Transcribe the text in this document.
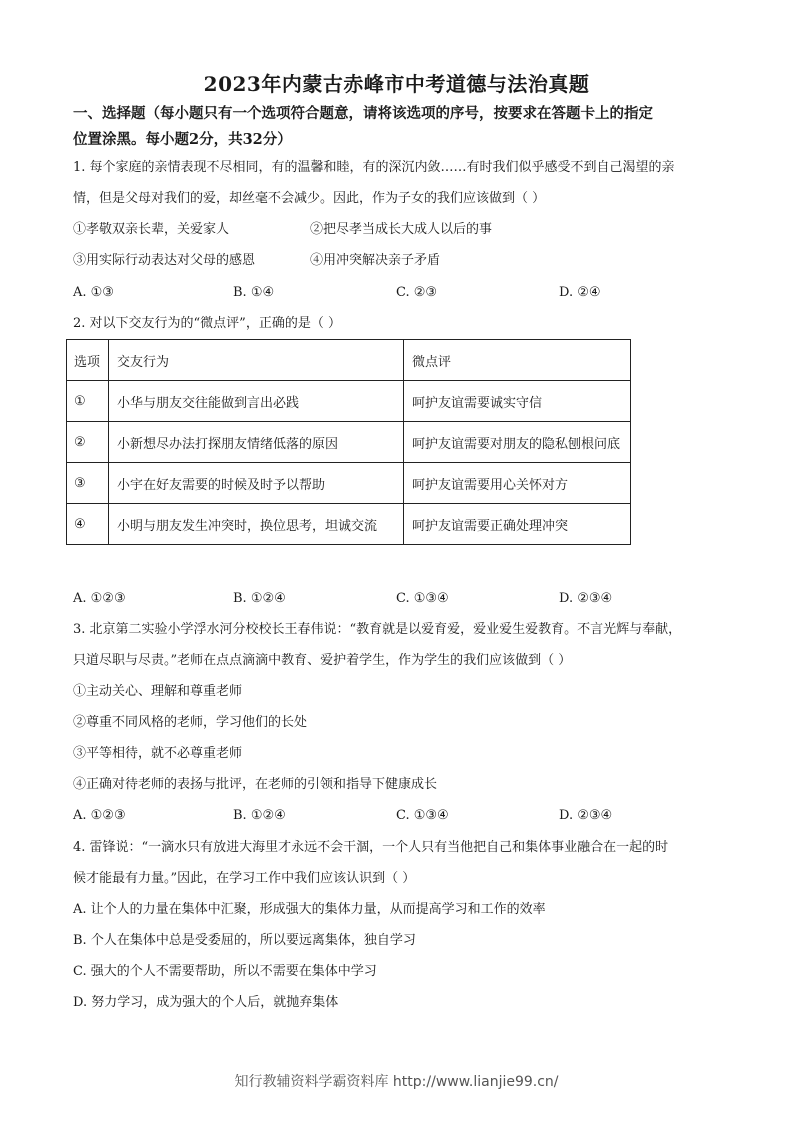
2023年内蒙古赤峰市中考道德与法治真题
一、选择题（每小题只有一个选项符合题意，请将该选项的序号，按要求在答题卡上的指定
位置涂黑。每小题2分，共32分）
1. 每个家庭的亲情表现不尽相同，有的温馨和睦，有的深沉内敛……有时我们似乎感受不到自己渴望的亲
情，但是父母对我们的爱，却丝毫不会减少。因此，作为子女的我们应该做到（ ）
①孝敬双亲长辈，关爱家人	②把尽孝当成长大成人以后的事
③用实际行动表达对父母的感恩	④用冲突解决亲子矛盾
A. ①③	B. ①④	C. ②③	D. ②④
2. 对以下交友行为的“微点评”，正确的是（ ）
选项	交友行为	微点评
①	小华与朋友交往能做到言出必践	呵护友谊需要诚实守信
②	小新想尽办法打探朋友情绪低落的原因	呵护友谊需要对朋友的隐私刨根问底
③	小宇在好友需要的时候及时予以帮助	呵护友谊需要用心关怀对方
④	小明与朋友发生冲突时，换位思考，坦诚交流	呵护友谊需要正确处理冲突
A. ①②③	B. ①②④	C. ①③④	D. ②③④
3. 北京第二实验小学浮水河分校校长王春伟说：“教育就是以爱育爱，爱业爱生爱教育。不言光辉与奉献，
只道尽职与尽责。”老师在点点滴滴中教育、爱护着学生，作为学生的我们应该做到（ ）
①主动关心、理解和尊重老师
②尊重不同风格的老师，学习他们的长处
③平等相待，就不必尊重老师
④正确对待老师的表扬与批评，在老师的引领和指导下健康成长
A. ①②③	B. ①②④	C. ①③④	D. ②③④
4. 雷锋说：“一滴水只有放进大海里才永远不会干涸，一个人只有当他把自己和集体事业融合在一起的时
候才能最有力量。”因此，在学习工作中我们应该认识到（ ）
A. 让个人的力量在集体中汇聚，形成强大的集体力量，从而提高学习和工作的效率
B. 个人在集体中总是受委屈的，所以要远离集体，独自学习
C. 强大的个人不需要帮助，所以不需要在集体中学习
D. 努力学习，成为强大的个人后，就抛弃集体
知行教辅资料学霸资料库 http://www.lianjie99.cn/
